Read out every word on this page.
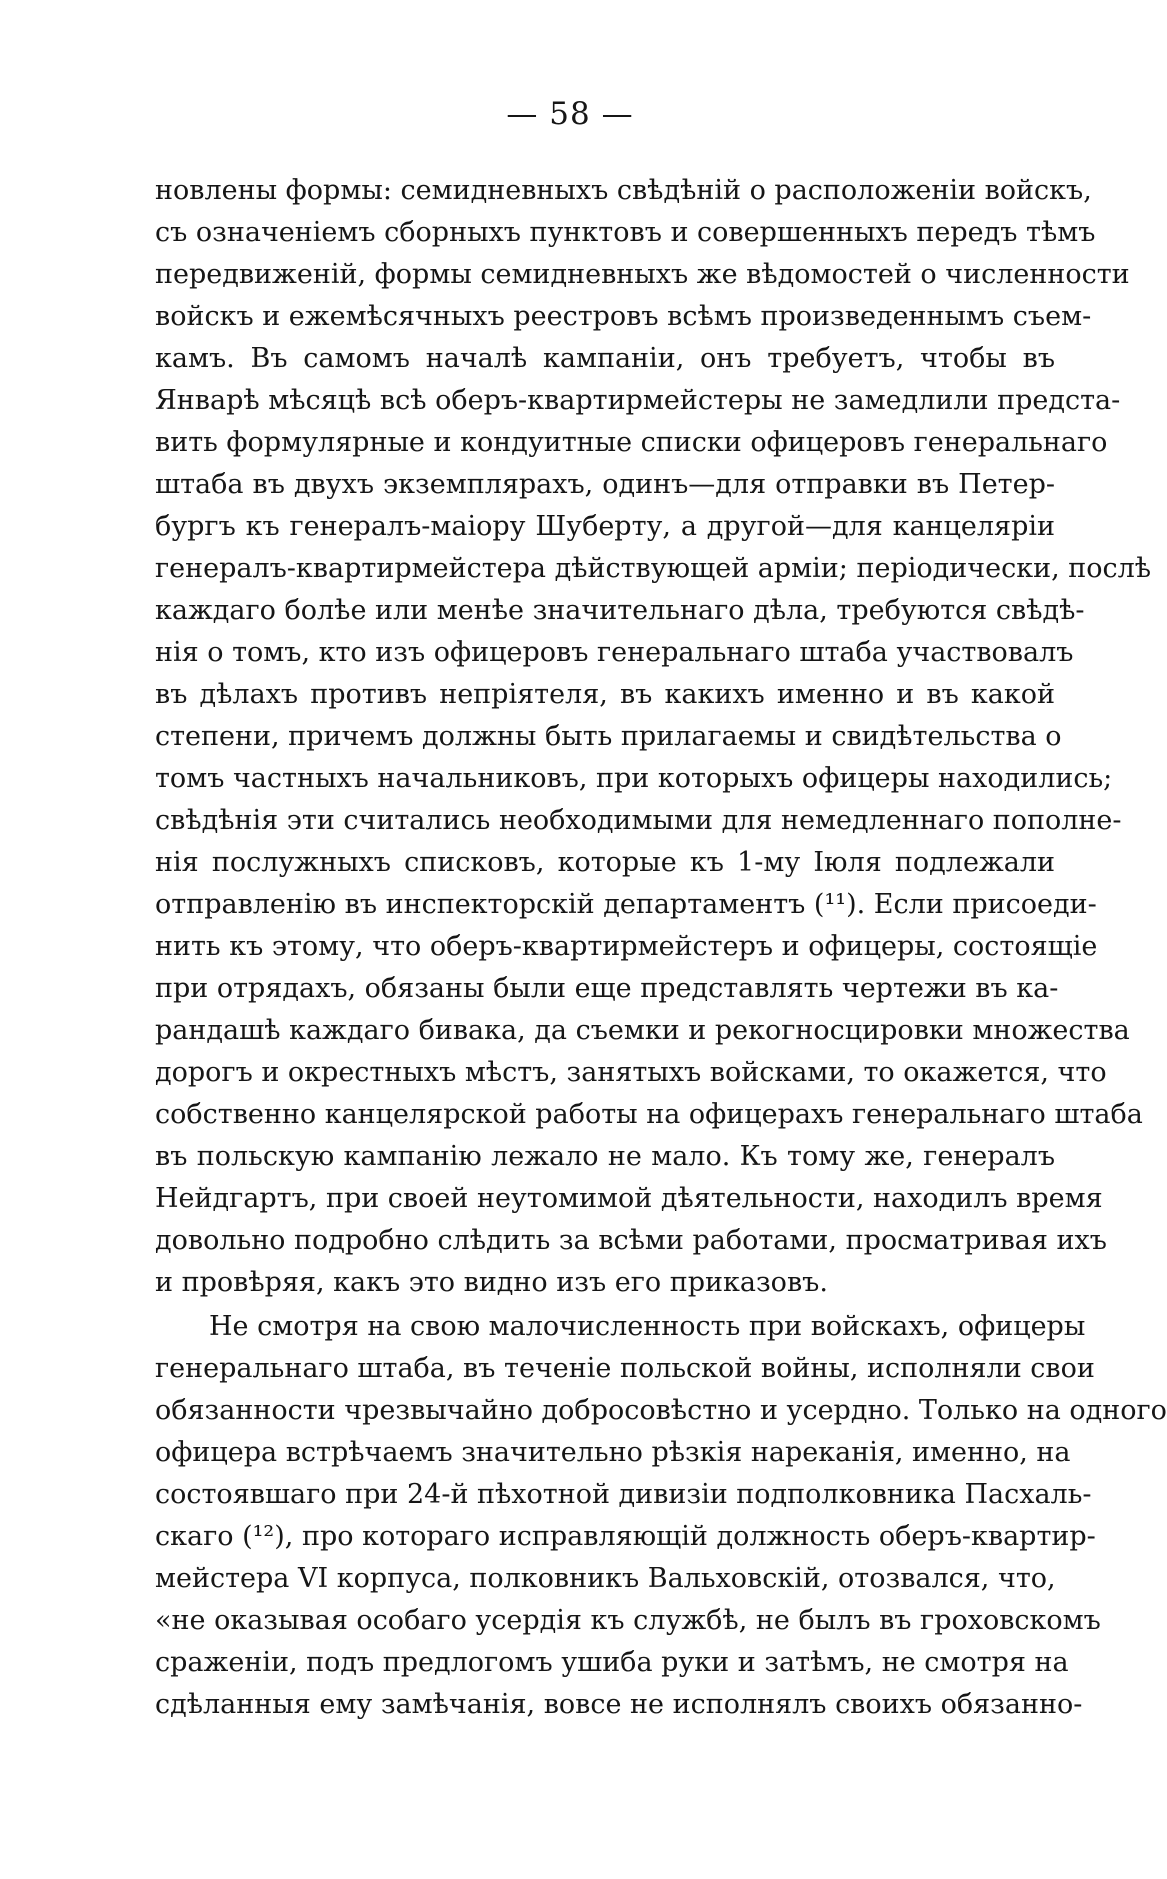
— 58 —
новлены формы: семидневныхъ свѣдѣній о расположеніи войскъ,
съ означеніемъ сборныхъ пунктовъ и совершенныхъ передъ тѣмъ
передвиженій, формы семидневныхъ же вѣдомостей о численности
войскъ и ежемѣсячныхъ реестровъ всѣмъ произведеннымъ съем-
камъ. Въ самомъ началѣ кампаніи, онъ требуетъ, чтобы въ
Январѣ мѣсяцѣ всѣ оберъ-квартирмейстеры не замедлили предста-
вить формулярные и кондуитные списки офицеровъ генеральнаго
штаба въ двухъ экземплярахъ, одинъ—для отправки въ Петер-
бургъ къ генералъ-маіору Шуберту, а другой—для канцеляріи
генералъ-квартирмейстера дѣйствующей арміи; періодически, послѣ
каждаго болѣе или менѣе значительнаго дѣла, требуются свѣдѣ-
нія о томъ, кто изъ офицеровъ генеральнаго штаба участвовалъ
въ дѣлахъ противъ непріятеля, въ какихъ именно и въ какой
степени, причемъ должны быть прилагаемы и свидѣтельства о
томъ частныхъ начальниковъ, при которыхъ офицеры находились;
свѣдѣнія эти считались необходимыми для немедленнаго пополне-
нія послужныхъ списковъ, которые къ 1-му Іюля подлежали
отправленію въ инспекторскій департаментъ (¹¹). Если присоеди-
нить къ этому, что оберъ-квартирмейстеръ и офицеры, состоящіе
при отрядахъ, обязаны были еще представлять чертежи въ ка-
рандашѣ каждаго бивака, да съемки и рекогносцировки множества
дорогъ и окрестныхъ мѣстъ, занятыхъ войсками, то окажется, что
собственно канцелярской работы на офицерахъ генеральнаго штаба
въ польскую кампанію лежало не мало. Къ тому же, генералъ
Нейдгартъ, при своей неутомимой дѣятельности, находилъ время
довольно подробно слѣдить за всѣми работами, просматривая ихъ
и провѣряя, какъ это видно изъ его приказовъ.
Не смотря на свою малочисленность при войскахъ, офицеры
генеральнаго штаба, въ теченіе польской войны, исполняли свои
обязанности чрезвычайно добросовѣстно и усердно. Только на одного
офицера встрѣчаемъ значительно рѣзкія нареканія, именно, на
состоявшаго при 24-й пѣхотной дивизіи подполковника Пасхаль-
скаго (¹²), про котораго исправляющій должность оберъ-квартир-
мейстера VI корпуса, полковникъ Вальховскій, отозвался, что,
«не оказывая особаго усердія къ службѣ, не былъ въ гроховскомъ
сраженіи, подъ предлогомъ ушиба руки и затѣмъ, не смотря на
сдѣланныя ему замѣчанія, вовсе не исполнялъ своихъ обязанно-
